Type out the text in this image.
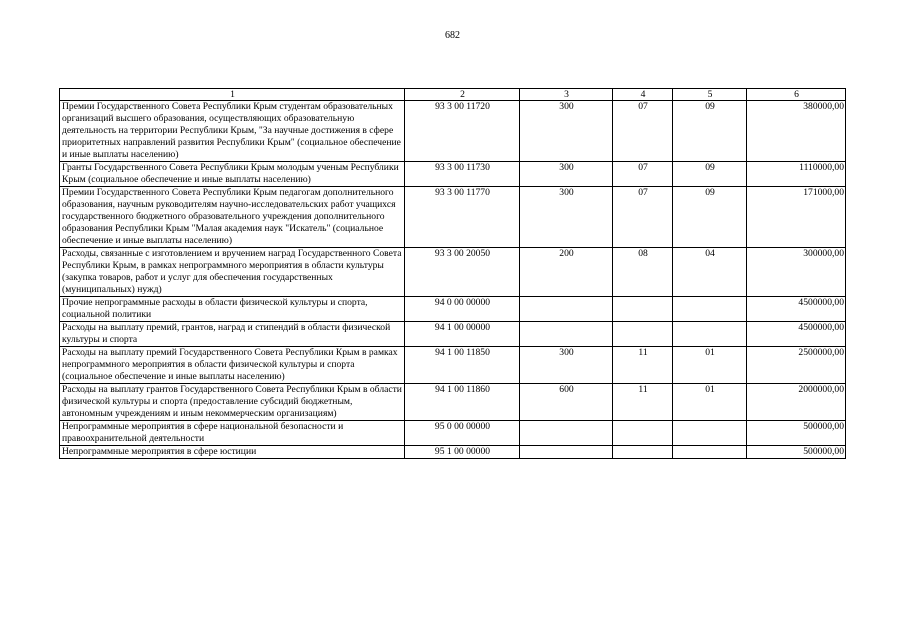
682
1	2	3	4	5	6
Премии Государственного Совета Республики Крым студентам образовательных организаций высшего образования, осуществляющих образовательную деятельность на территории Республики Крым, "За научные достижения в сфере приоритетных направлений развития Республики Крым" (социальное обеспечение и иные выплаты населению)	93 3 00 11720	300	07	09	380000,00
Гранты Государственного Совета Республики Крым молодым ученым Республики Крым (социальное обеспечение и иные выплаты населению)	93 3 00 11730	300	07	09	1110000,00
Премии Государственного Совета Республики Крым педагогам дополнительного образования, научным руководителям научно-исследовательских работ учащихся государственного бюджетного образовательного учреждения дополнительного образования Республики Крым "Малая академия наук "Искатель" (социальное обеспечение и иные выплаты населению)	93 3 00 11770	300	07	09	171000,00
Расходы, связанные с изготовлением и вручением наград Государственного Совета Республики Крым, в рамках непрограммного мероприятия в области культуры (закупка товаров, работ и услуг для обеспечения государственных (муниципальных) нужд)	93 3 00 20050	200	08	04	300000,00
Прочие непрограммные расходы в области физической культуры и спорта, социальной политики	94 0 00 00000				4500000,00
Расходы на выплату премий, грантов, наград и стипендий в области физической культуры и спорта	94 1 00 00000				4500000,00
Расходы на выплату премий Государственного Совета Республики Крым в рамках непрограммного мероприятия в области физической культуры и спорта (социальное обеспечение и иные выплаты населению)	94 1 00 11850	300	11	01	2500000,00
Расходы на выплату грантов Государственного Совета Республики Крым в области физической культуры и спорта (предоставление субсидий бюджетным, автономным учреждениям и иным некоммерческим организациям)	94 1 00 11860	600	11	01	2000000,00
Непрограммные мероприятия в сфере национальной безопасности и правоохранительной деятельности	95 0 00 00000				500000,00
Непрограммные мероприятия в сфере юстиции	95 1 00 00000				500000,00
